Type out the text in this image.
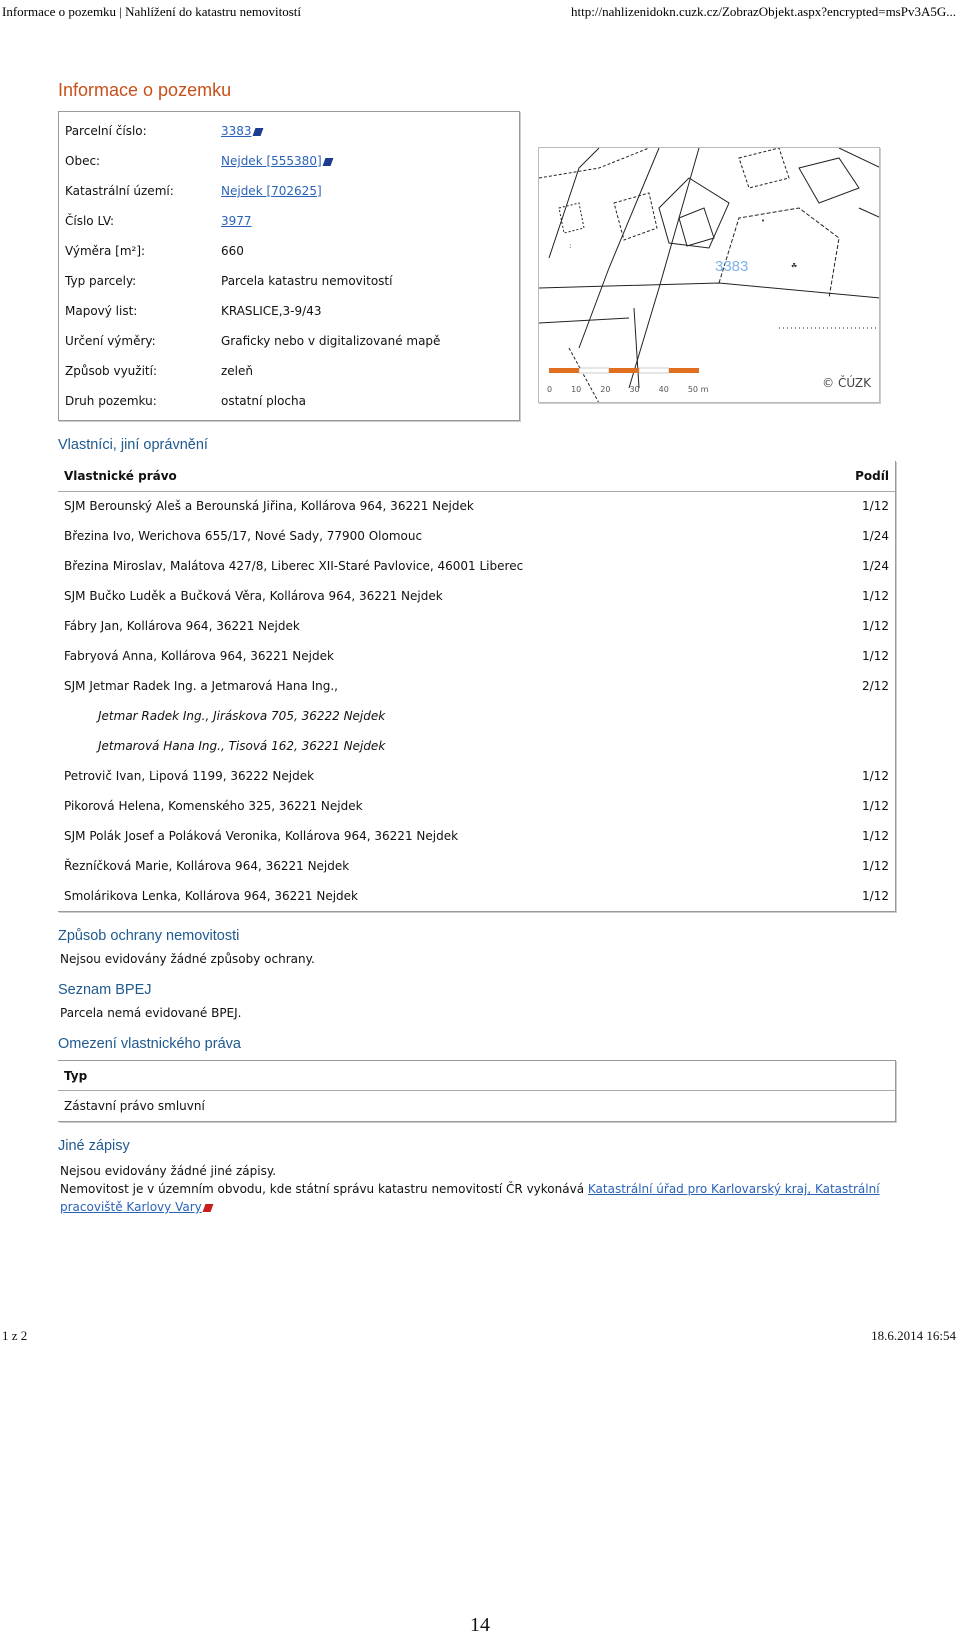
Informace o pozemku | Nahlížení do katastru nemovitostí	http://nahlizenidokn.cuzk.cz/ZobrazObjekt.aspx?encrypted=msPv3A5G...
Informace o pozemku
Parcelní číslo:	3383
Obec:	Nejdek [555380]
Katastrální území:	Nejdek [702625]
Číslo LV:	3977
Výměra [m²]:	660
Typ parcely:	Parcela katastru nemovitostí
Mapový list:	KRASLICE,3-9/43
Určení výměry:	Graficky nebo v digitalizované mapě
Způsob využití:	zeleň
Druh pozemku:	ostatní plocha
•
☘
:
3383
0 10 20 30 40 50 m	© ČÚZK
Vlastníci, jiní oprávnění
Vlastnické právo	Podíl
SJM Berounský Aleš a Berounská Jiřina, Kollárova 964, 36221 Nejdek	1/12
Březina Ivo, Werichova 655/17, Nové Sady, 77900 Olomouc	1/24
Březina Miroslav, Malátova 427/8, Liberec XII-Staré Pavlovice, 46001 Liberec	1/24
SJM Bučko Luděk a Bučková Věra, Kollárova 964, 36221 Nejdek	1/12
Fábry Jan, Kollárova 964, 36221 Nejdek	1/12
Fabryová Anna, Kollárova 964, 36221 Nejdek	1/12
SJM Jetmar Radek Ing. a Jetmarová Hana Ing.,	2/12
Jetmar Radek Ing., Jiráskova 705, 36222 Nejdek	
Jetmarová Hana Ing., Tisová 162, 36221 Nejdek	
Petrovič Ivan, Lipová 1199, 36222 Nejdek	1/12
Pikorová Helena, Komenského 325, 36221 Nejdek	1/12
SJM Polák Josef a Poláková Veronika, Kollárova 964, 36221 Nejdek	1/12
Řezníčková Marie, Kollárova 964, 36221 Nejdek	1/12
Smolárikova Lenka, Kollárova 964, 36221 Nejdek	1/12
Způsob ochrany nemovitosti

Nejsou evidovány žádné způsoby ochrany.

Seznam BPEJ

Parcela nemá evidované BPEJ.

Omezení vlastnického práva
Typ
Zástavní právo smluvní
Jiné zápisy
Nejsou evidovány žádné jiné zápisy.
Nemovitost je v územním obvodu, kde státní správu katastru nemovitostí ČR vykonává Katastrální úřad pro Karlovarský kraj, Katastrální pracoviště Karlovy Vary
1 z 2	18.6.2014 16:54
14
